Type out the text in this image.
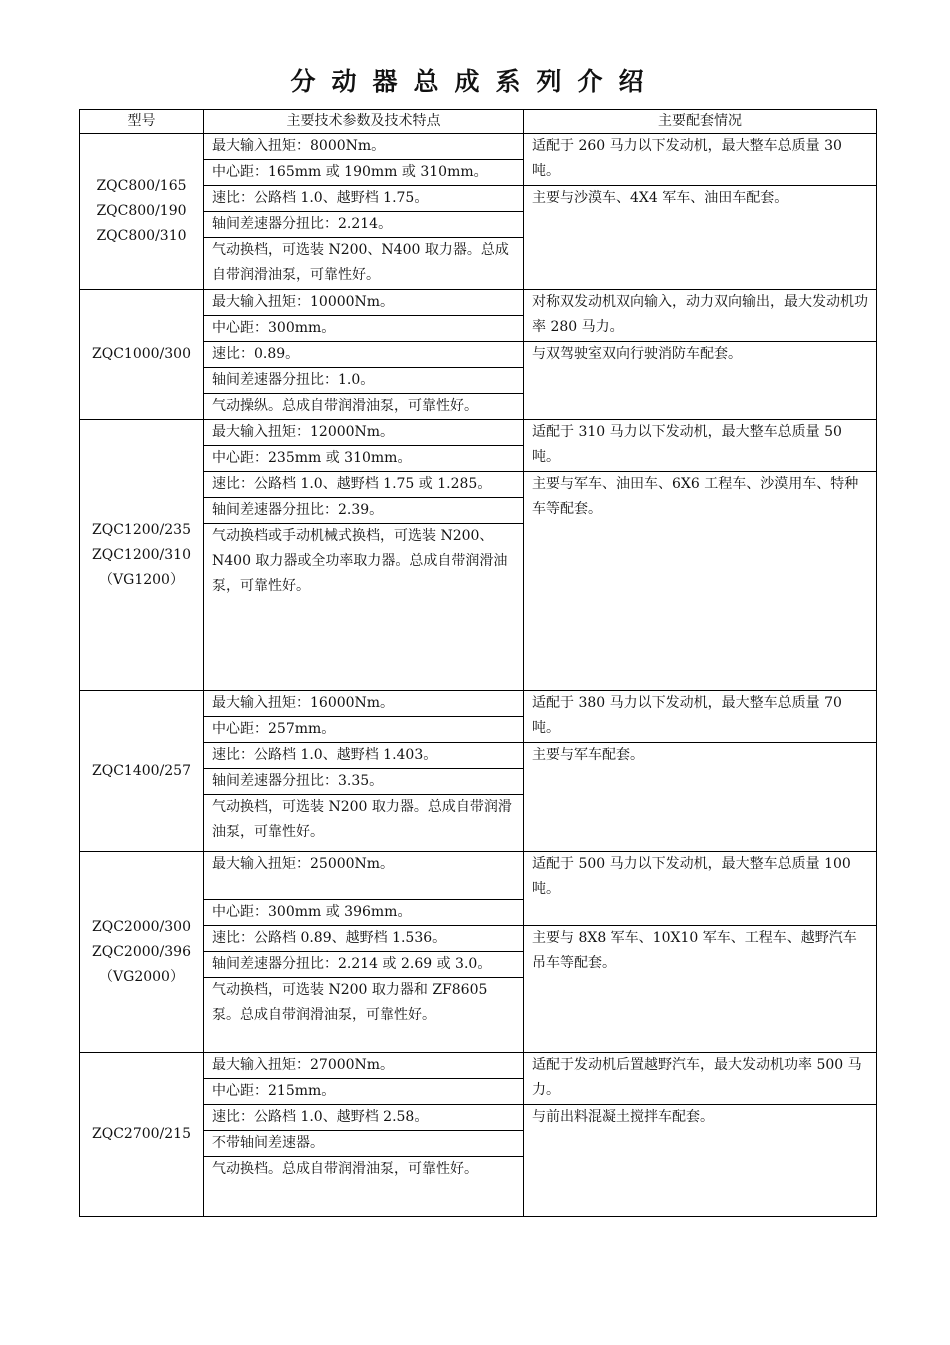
分动器总成系列介绍
型号	主要技术参数及技术特点	主要配套情况

ZQC800/165
ZQC800/190
ZQC800/310	最大输入扭矩：8000Nm。	适配于 260 马力以下发动机，最大整车总质量 30 吨。
	中心距：165mm 或 190mm 或 310mm。	
	速比：公路档 1.0、越野档 1.75。	主要与沙漠车、4X4 军车、油田车配套。
	轴间差速器分扭比：2.214。	
	气动换档，可选装 N200、N400 取力器。总成自带润滑油泵，可靠性好。	

ZQC1000/300	最大输入扭矩：10000Nm。	对称双发动机双向输入，动力双向输出，最大发动机功率 280 马力。
	中心距：300mm。	
	速比：0.89。	与双驾驶室双向行驶消防车配套。
	轴间差速器分扭比：1.0。	
	气动操纵。总成自带润滑油泵，可靠性好。	

ZQC1200/235
ZQC1200/310
（VG1200）	最大输入扭矩：12000Nm。	适配于 310 马力以下发动机，最大整车总质量 50 吨。
	中心距：235mm 或 310mm。	
	速比：公路档 1.0、越野档 1.75 或 1.285。	主要与军车、油田车、6X6 工程车、沙漠用车、特种车等配套。
	轴间差速器分扭比：2.39。	
	气动换档或手动机械式换档，可选装 N200、N400 取力器或全功率取力器。总成自带润滑油泵，可靠性好。	

ZQC1400/257	最大输入扭矩：16000Nm。	适配于 380 马力以下发动机，最大整车总质量 70 吨。
	中心距：257mm。	
	速比：公路档 1.0、越野档 1.403。	主要与军车配套。
	轴间差速器分扭比：3.35。	
	气动换档，可选装 N200 取力器。总成自带润滑油泵，可靠性好。	

ZQC2000/300
ZQC2000/396
（VG2000）	最大输入扭矩：25000Nm。	适配于 500 马力以下发动机，最大整车总质量 100 吨。
	中心距：300mm 或 396mm。	
	速比：公路档 0.89、越野档 1.536。	主要与 8X8 军车、10X10 军车、工程车、越野汽车吊车等配套。
	轴间差速器分扭比：2.214 或 2.69 或 3.0。	
	气动换档，可选装 N200 取力器和 ZF8605 泵。总成自带润滑油泵，可靠性好。	

ZQC2700/215	最大输入扭矩：27000Nm。	适配于发动机后置越野汽车，最大发动机功率 500 马力。
	中心距：215mm。	
	速比：公路档 1.0、越野档 2.58。	与前出料混凝土搅拌车配套。
	不带轴间差速器。	
	气动换档。总成自带润滑油泵，可靠性好。	
